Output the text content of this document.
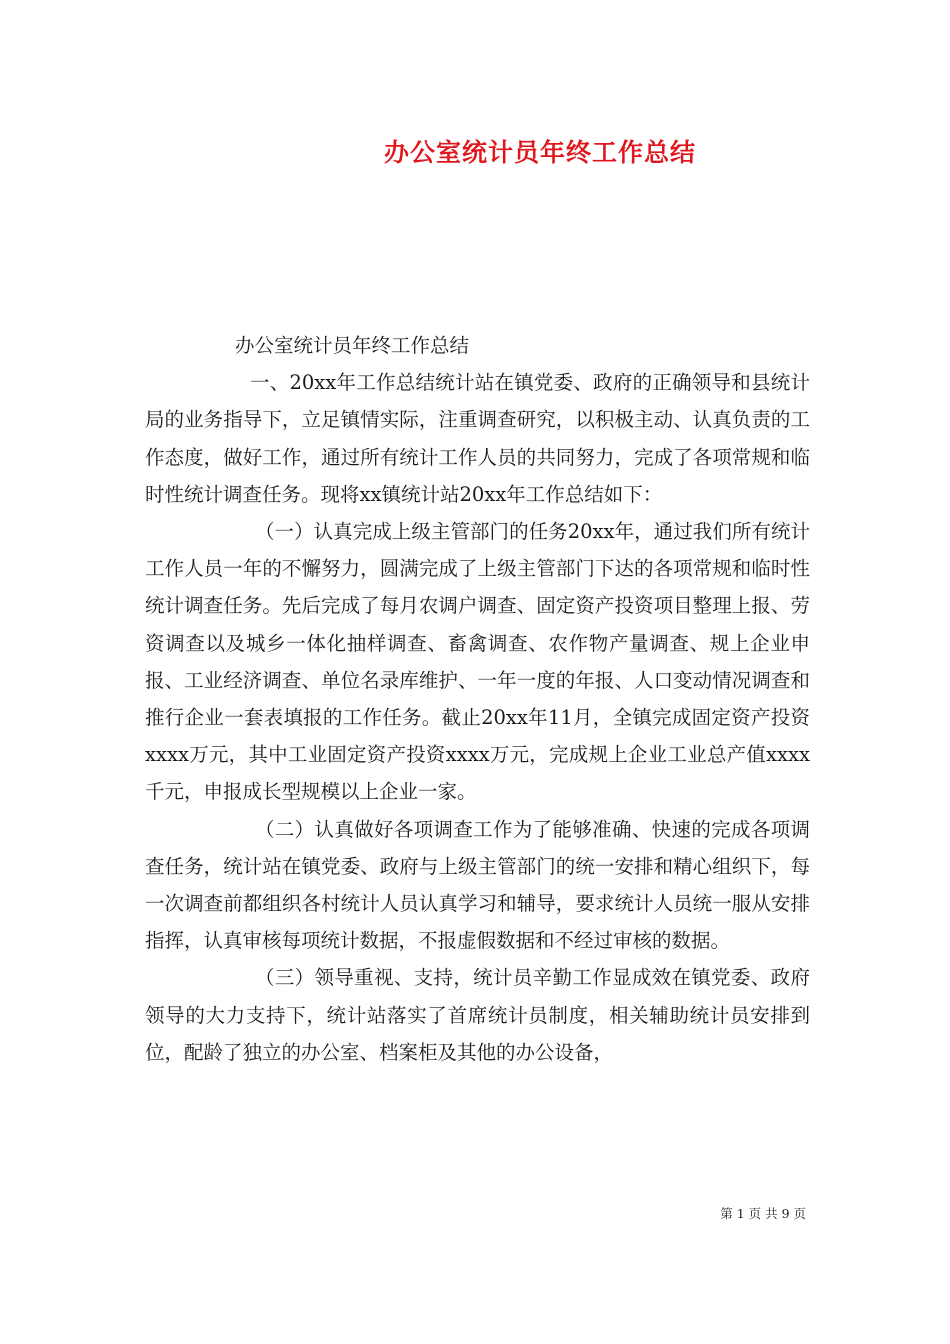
办公室统计员年终工作总结

办公室统计员年终工作总结

一、20xx年工作总结统计站在镇党委、政府的正确领导和县统计局的业务指导下，立足镇情实际，注重调查研究，以积极主动、认真负责的工作态度，做好工作，通过所有统计工作人员的共同努力，完成了各项常规和临时性统计调查任务。现将xx镇统计站20xx年工作总结如下：

（一）认真完成上级主管部门的任务20xx年，通过我们所有统计工作人员一年的不懈努力，圆满完成了上级主管部门下达的各项常规和临时性统计调查任务。先后完成了每月农调户调查、固定资产投资项目整理上报、劳资调查以及城乡一体化抽样调查、畜禽调查、农作物产量调查、规上企业申报、工业经济调查、单位名录库维护、一年一度的年报、人口变动情况调查和推行企业一套表填报的工作任务。截止20xx年11月，全镇完成固定资产投资xxxx万元，其中工业固定资产投资xxxx万元，完成规上企业工业总产值xxxx千元，申报成长型规模以上企业一家。

（二）认真做好各项调查工作为了能够准确、快速的完成各项调查任务，统计站在镇党委、政府与上级主管部门的统一安排和精心组织下，每一次调查前都组织各村统计人员认真学习和辅导，要求统计人员统一服从安排指挥，认真审核每项统计数据，不报虚假数据和不经过审核的数据。

（三）领导重视、支持，统计员辛勤工作显成效在镇党委、政府领导的大力支持下，统计站落实了首席统计员制度，相关辅助统计员安排到位，配龄了独立的办公室、档案柜及其他的办公设备，

第 1 页 共 9 页
